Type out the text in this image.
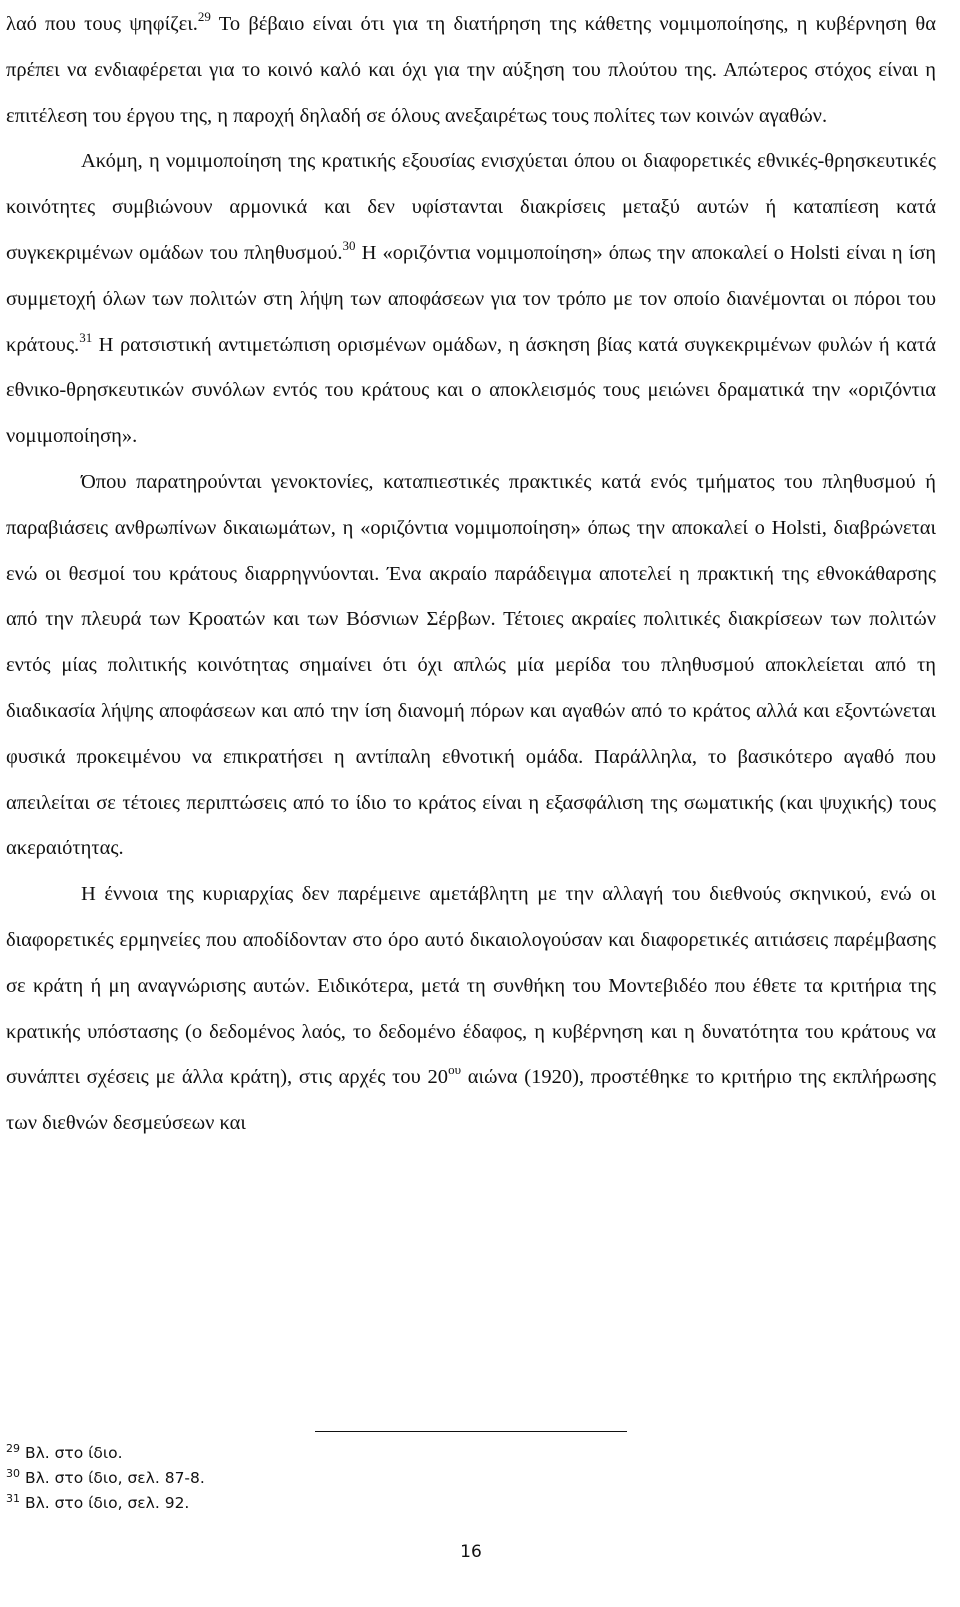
λαό που τους ψηφίζει.$^{29}$ Το βέβαιο είναι ότι για τη διατήρηση της κάθετης νομιμοποίησης, η κυβέρνηση θα πρέπει να ενδιαφέρεται για το κοινό καλό και όχι για την αύξηση του πλούτου της. Απώτερος στόχος είναι η επιτέλεση του έργου της, η παροχή δηλαδή σε όλους ανεξαιρέτως τους πολίτες των κοινών αγαθών.

Ακόμη, η νομιμοποίηση της κρατικής εξουσίας ενισχύεται όπου οι διαφορετικές εθνικές-θρησκευτικές κοινότητες συμβιώνουν αρμονικά και δεν υφίστανται διακρίσεις μεταξύ αυτών ή καταπίεση κατά συγκεκριμένων ομάδων του πληθυσμού.$^{30}$ Η «οριζόντια νομιμοποίηση» όπως την αποκαλεί ο Holsti είναι η ίση συμμετοχή όλων των πολιτών στη λήψη των αποφάσεων για τον τρόπο με τον οποίο διανέμονται οι πόροι του κράτους.$^{31}$ Η ρατσιστική αντιμετώπιση ορισμένων ομάδων, η άσκηση βίας κατά συγκεκριμένων φυλών ή κατά εθνικο-θρησκευτικών συνόλων εντός του κράτους και ο αποκλεισμός τους μειώνει δραματικά την «οριζόντια νομιμοποίηση».

Όπου παρατηρούνται γενοκτονίες, καταπιεστικές πρακτικές κατά ενός τμήματος του πληθυσμού ή παραβιάσεις ανθρωπίνων δικαιωμάτων, η «οριζόντια νομιμοποίηση» όπως την αποκαλεί ο Holsti, διαβρώνεται ενώ οι θεσμοί του κράτους διαρρηγνύονται. Ένα ακραίο παράδειγμα αποτελεί η πρακτική της εθνοκάθαρσης από την πλευρά των Κροατών και των Βόσνιων Σέρβων. Τέτοιες ακραίες πολιτικές διακρίσεων των πολιτών εντός μίας πολιτικής κοινότητας σημαίνει ότι όχι απλώς μία μερίδα του πληθυσμού αποκλείεται από τη διαδικασία λήψης αποφάσεων και από την ίση διανομή πόρων και αγαθών από το κράτος αλλά και εξοντώνεται φυσικά προκειμένου να επικρατήσει η αντίπαλη εθνοτική ομάδα. Παράλληλα, το βασικότερο αγαθό που απειλείται σε τέτοιες περιπτώσεις από το ίδιο το κράτος είναι η εξασφάλιση της σωματικής (και ψυχικής) τους ακεραιότητας.

Η έννοια της κυριαρχίας δεν παρέμεινε αμετάβλητη με την αλλαγή του διεθνούς σκηνικού, ενώ οι διαφορετικές ερμηνείες που αποδίδονταν στο όρο αυτό δικαιολογούσαν και διαφορετικές αιτιάσεις παρέμβασης σε κράτη ή μη αναγνώρισης αυτών. Ειδικότερα, μετά τη συνθήκη του Μοντεβιδέο που έθετε τα κριτήρια της κρατικής υπόστασης (ο δεδομένος λαός, το δεδομένο έδαφος, η κυβέρνηση και η δυνατότητα του κράτους να συνάπτει σχέσεις με άλλα κράτη), στις αρχές του $20^{o\upsilon}$ αιώνα (1920), προστέθηκε το κριτήριο της εκπλήρωσης των διεθνών δεσμεύσεων και

$^{29}$ Βλ. στο ίδιο.
$^{30}$ Βλ. στο ίδιο, σελ. 87-8.
$^{31}$ Βλ. στο ίδιο, σελ. 92.
16
